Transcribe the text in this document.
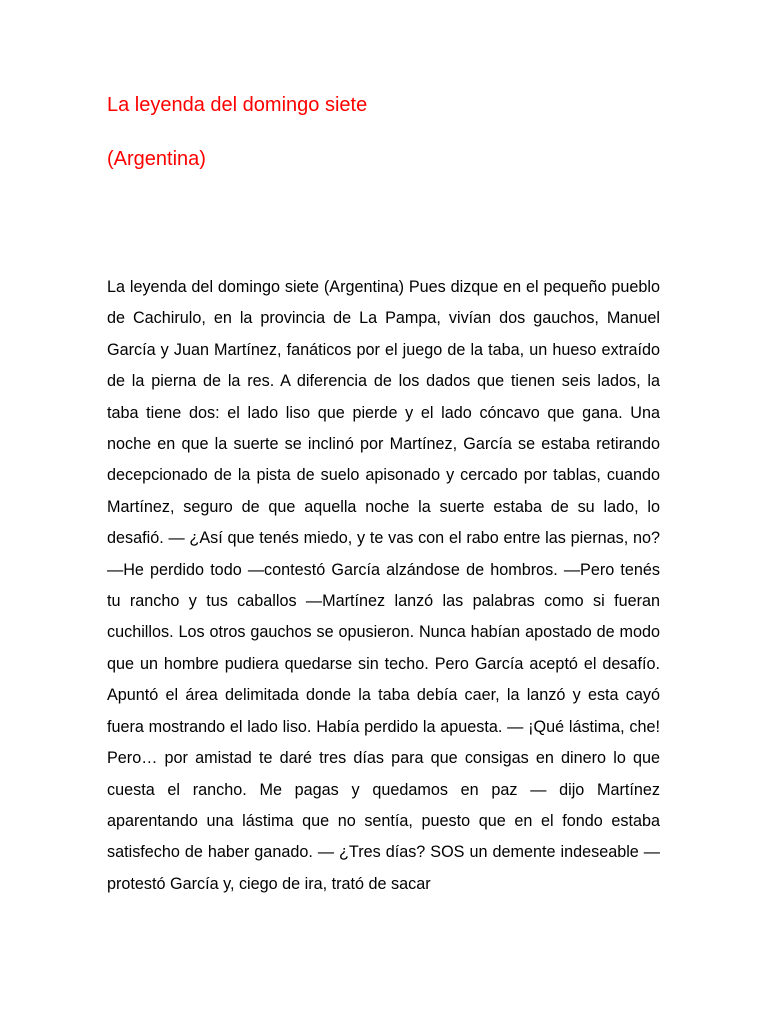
La leyenda del domingo siete
(Argentina)

La leyenda del domingo siete (Argentina) Pues dizque en el pequeño pueblo de Cachirulo, en la provincia de La Pampa, vivían dos gauchos, Manuel García y Juan Martínez, fanáticos por el juego de la taba, un hueso extraído de la pierna de la res. A diferencia de los dados que tienen seis lados, la taba tiene dos: el lado liso que pierde y el lado cóncavo que gana. Una noche en que la suerte se inclinó por Martínez, García se estaba retirando decepcionado de la pista de suelo apisonado y cercado por tablas, cuando Martínez, seguro de que aquella noche la suerte estaba de su lado, lo desafió. — ¿Así que tenés miedo, y te vas con el rabo entre las piernas, no? —He perdido todo —contestó García alzándose de hombros. —Pero tenés tu rancho y tus caballos —Martínez lanzó las palabras como si fueran cuchillos. Los otros gauchos se opusieron. Nunca habían apostado de modo que un hombre pudiera quedarse sin techo. Pero García aceptó el desafío. Apuntó el área delimitada donde la taba debía caer, la lanzó y esta cayó fuera mostrando el lado liso. Había perdido la apuesta. — ¡Qué lástima, che! Pero… por amistad te daré tres días para que consigas en dinero lo que cuesta el rancho. Me pagas y quedamos en paz — dijo Martínez aparentando una lástima que no sentía, puesto que en el fondo estaba satisfecho de haber ganado. — ¿Tres días? SOS un demente indeseable —protestó García y, ciego de ira, trató de sacar
